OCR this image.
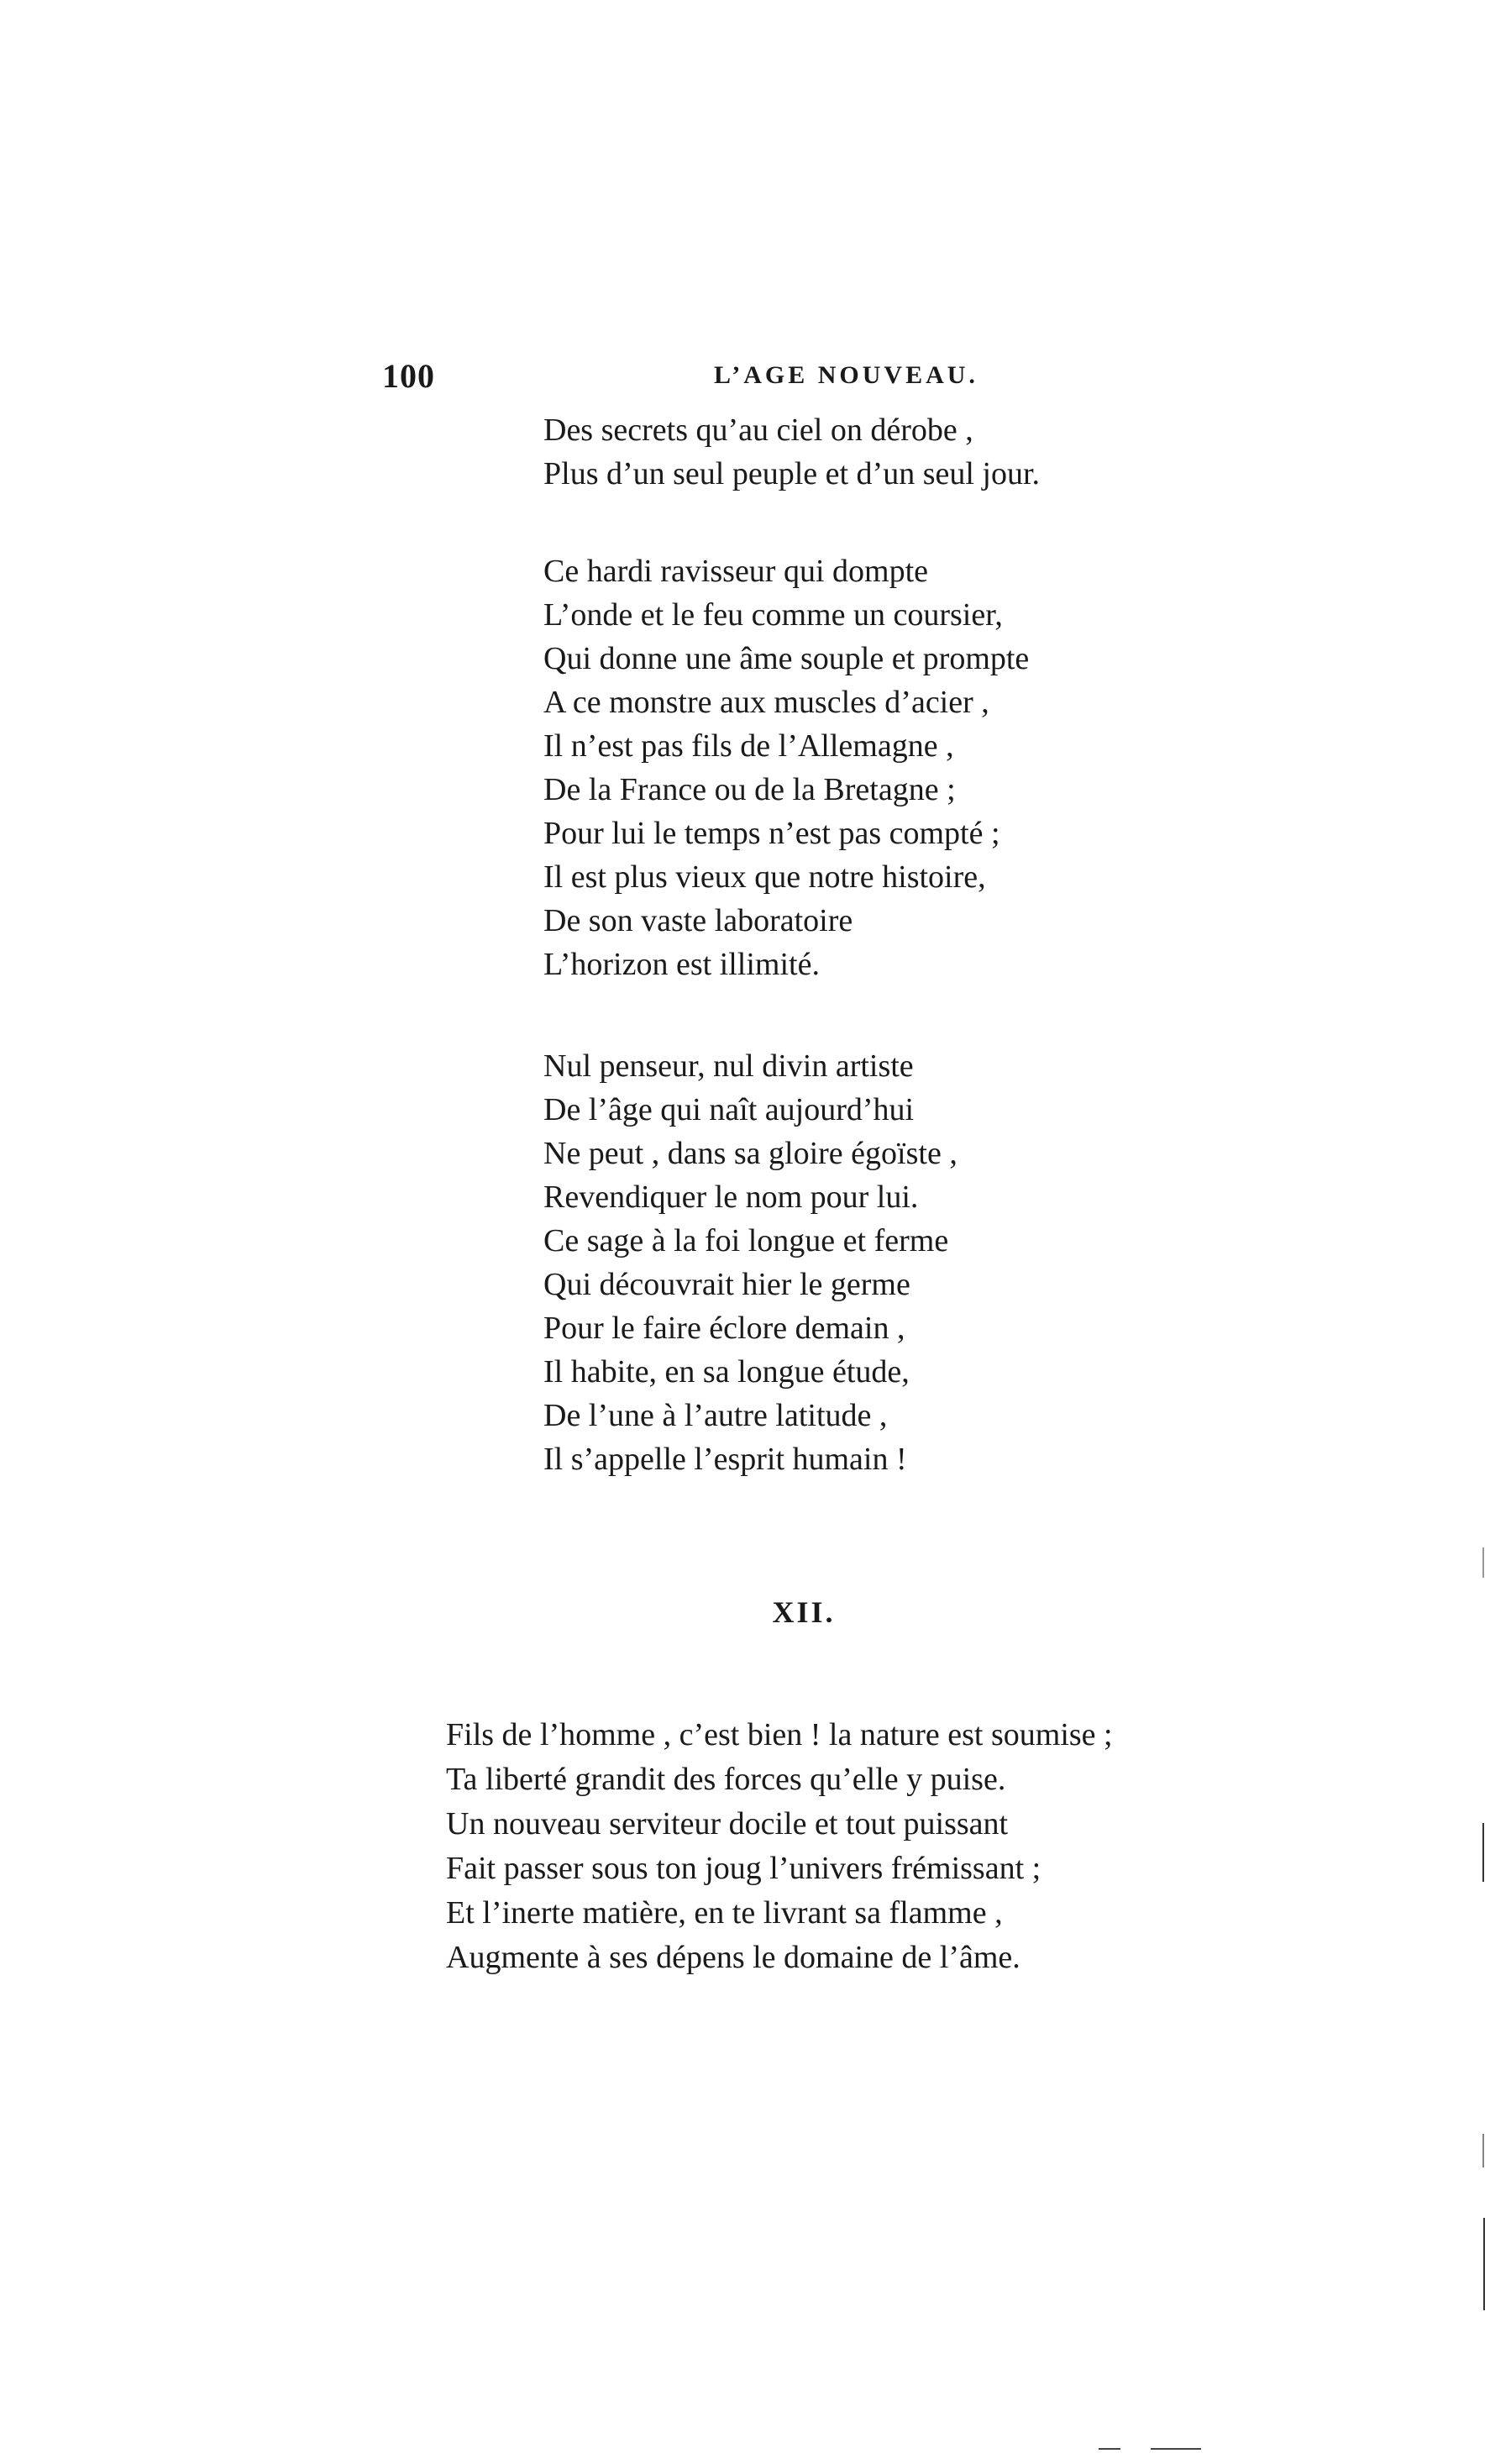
100	L’AGE NOUVEAU.
Des secrets qu’au ciel on dérobe ,
Plus d’un seul peuple et d’un seul jour.
Ce hardi ravisseur qui dompte
L’onde et le feu comme un coursier,
Qui donne une âme souple et prompte
A ce monstre aux muscles d’acier ,
Il n’est pas fils de l’Allemagne ,
De la France ou de la Bretagne ;
Pour lui le temps n’est pas compté ;
Il est plus vieux que notre histoire,
De son vaste laboratoire
L’horizon est illimité.
Nul penseur, nul divin artiste
De l’âge qui naît aujourd’hui
Ne peut , dans sa gloire égoïste ,
Revendiquer le nom pour lui.
Ce sage à la foi longue et ferme
Qui découvrait hier le germe
Pour le faire éclore demain ,
Il habite, en sa longue étude,
De l’une à l’autre latitude ,
Il s’appelle l’esprit humain !
XII.
Fils de l’homme , c’est bien ! la nature est soumise ;
Ta liberté grandit des forces qu’elle y puise.
Un nouveau serviteur docile et tout puissant
Fait passer sous ton joug l’univers frémissant ;
Et l’inerte matière, en te livrant sa flamme ,
Augmente à ses dépens le domaine de l’âme.
